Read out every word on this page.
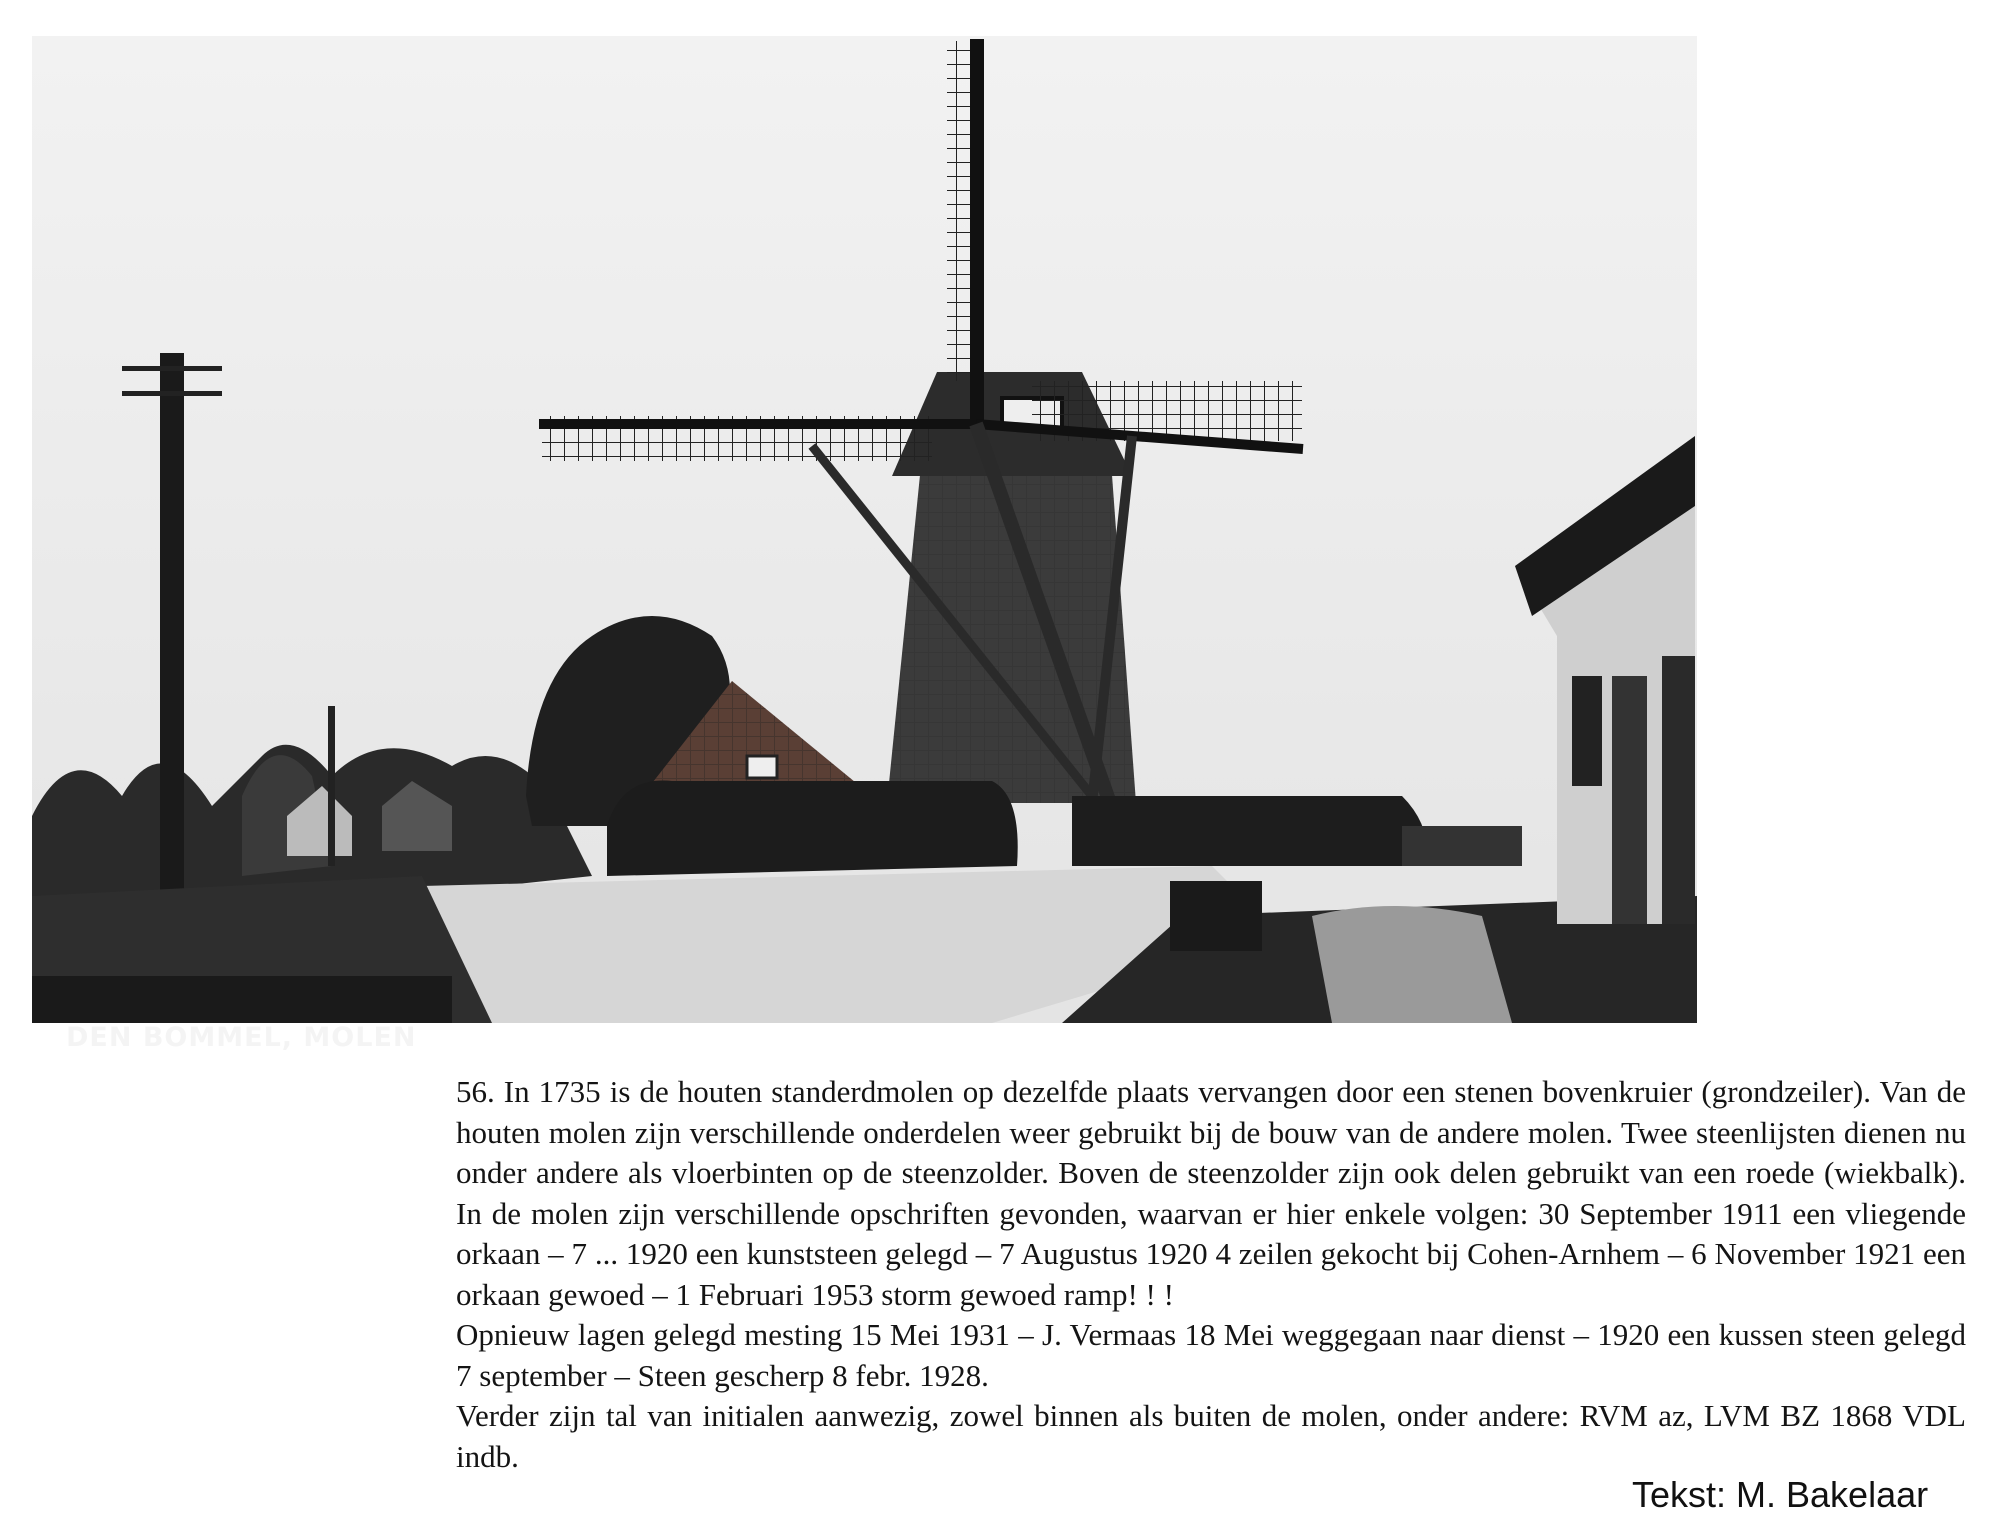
DEN BOMMEL, MOLEN

56. In 1735 is de houten standerdmolen op dezelfde plaats vervangen door een stenen bovenkruier (grondzeiler). Van de houten molen zijn verschillende onderdelen weer gebruikt bij de bouw van de andere molen. Twee steenlijsten dienen nu onder andere als vloerbinten op de steenzolder. Boven de steenzolder zijn ook delen gebruikt van een roede (wiekbalk). In de molen zijn verschillende opschriften gevonden, waarvan er hier enkele volgen: 30 September 1911 een vliegende orkaan – 7 ... 1920 een kunststeen gelegd – 7 Augustus 1920 4 zeilen gekocht bij Cohen-Arnhem – 6 November 1921 een orkaan gewoed – 1 Februari 1953 storm gewoed ramp! ! !

Opnieuw lagen gelegd mesting 15 Mei 1931 – J. Vermaas 18 Mei weggegaan naar dienst – 1920 een kussen steen gelegd 7 september – Steen gescherp 8 febr. 1928.

Verder zijn tal van initialen aanwezig, zowel binnen als buiten de molen, onder andere: RVM az, LVM BZ 1868 VDL indb.

Tekst: M. Bakelaar
